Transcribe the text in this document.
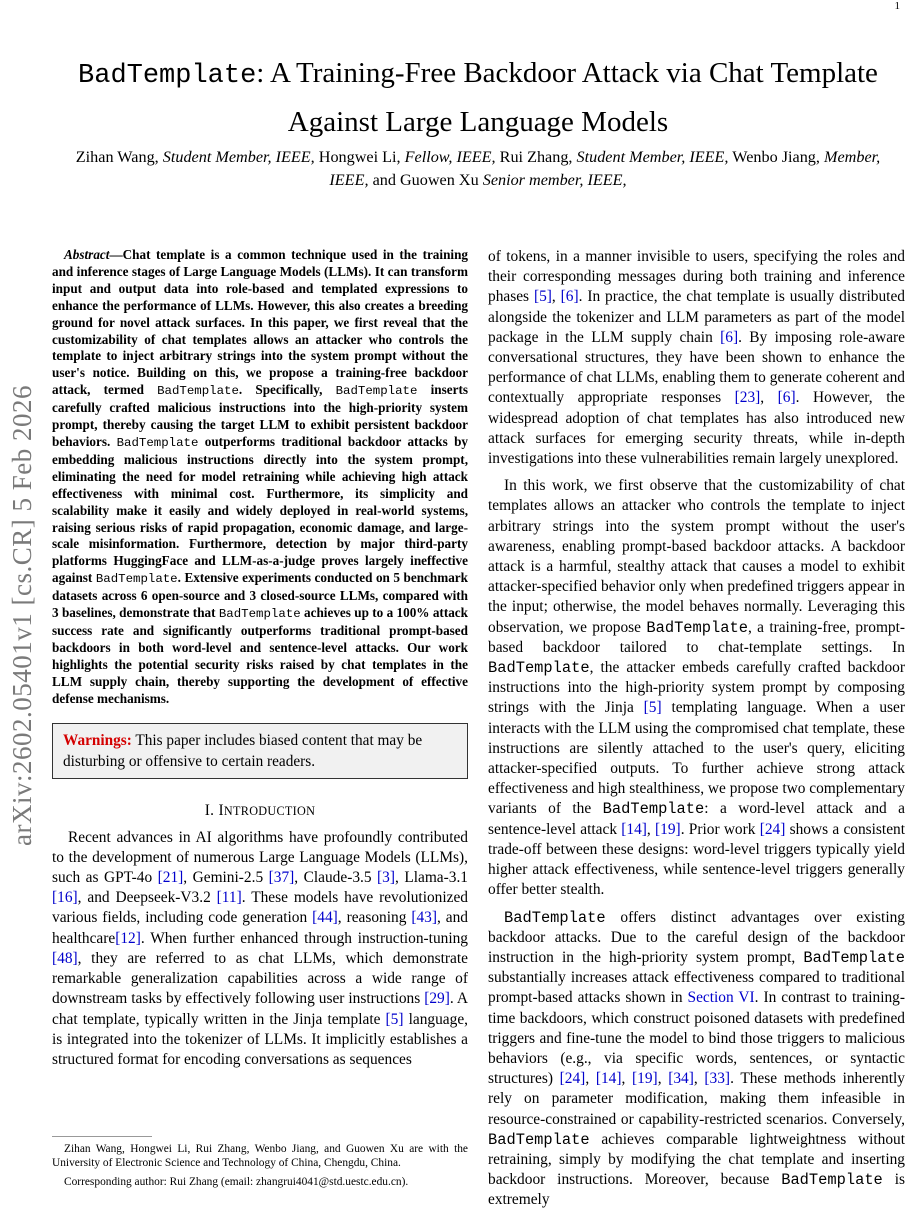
1
arXiv:2602.05401v1 [cs.CR] 5 Feb 2026
BadTemplate: A Training-Free Backdoor Attack via Chat Template Against Large Language Models
Zihan Wang, Student Member, IEEE, Hongwei Li, Fellow, IEEE, Rui Zhang, Student Member, IEEE, Wenbo Jiang, Member, IEEE, and Guowen Xu Senior member, IEEE,

Abstract—Chat template is a common technique used in the training and inference stages of Large Language Models (LLMs). It can transform input and output data into role-based and templated expressions to enhance the performance of LLMs. However, this also creates a breeding ground for novel attack surfaces. In this paper, we first reveal that the customizability of chat templates allows an attacker who controls the template to inject arbitrary strings into the system prompt without the user's notice. Building on this, we propose a training-free backdoor attack, termed BadTemplate. Specifically, BadTemplate inserts carefully crafted malicious instructions into the high-priority system prompt, thereby causing the target LLM to exhibit persistent backdoor behaviors. BadTemplate outperforms traditional backdoor attacks by embedding malicious instructions directly into the system prompt, eliminating the need for model retraining while achieving high attack effectiveness with minimal cost. Furthermore, its simplicity and scalability make it easily and widely deployed in real-world systems, raising serious risks of rapid propagation, economic damage, and large-scale misinformation. Furthermore, detection by major third-party platforms HuggingFace and LLM-as-a-judge proves largely ineffective against BadTemplate. Extensive experiments conducted on 5 benchmark datasets across 6 open-source and 3 closed-source LLMs, compared with 3 baselines, demonstrate that BadTemplate achieves up to a 100% attack success rate and significantly outperforms traditional prompt-based backdoors in both word-level and sentence-level attacks. Our work highlights the potential security risks raised by chat templates in the LLM supply chain, thereby supporting the development of effective defense mechanisms.

Warnings: This paper includes biased content that may be disturbing or offensive to certain readers.
I. INTRODUCTION

Recent advances in AI algorithms have profoundly contributed to the development of numerous Large Language Models (LLMs), such as GPT-4o [21], Gemini-2.5 [37], Claude-3.5 [3], Llama-3.1 [16], and Deepseek-V3.2 [11]. These models have revolutionized various fields, including code generation [44], reasoning [43], and healthcare[12]. When further enhanced through instruction-tuning [48], they are referred to as chat LLMs, which demonstrate remarkable generalization capabilities across a wide range of downstream tasks by effectively following user instructions [29]. A chat template, typically written in the Jinja template [5] language, is integrated into the tokenizer of LLMs. It implicitly establishes a structured format for encoding conversations as sequences

Zihan Wang, Hongwei Li, Rui Zhang, Wenbo Jiang, and Guowen Xu are with the University of Electronic Science and Technology of China, Chengdu, China.

Corresponding author: Rui Zhang (email: zhangrui4041@std.uestc.edu.cn).

of tokens, in a manner invisible to users, specifying the roles and their corresponding messages during both training and inference phases [5], [6]. In practice, the chat template is usually distributed alongside the tokenizer and LLM parameters as part of the model package in the LLM supply chain [6]. By imposing role-aware conversational structures, they have been shown to enhance the performance of chat LLMs, enabling them to generate coherent and contextually appropriate responses [23], [6]. However, the widespread adoption of chat templates has also introduced new attack surfaces for emerging security threats, while in-depth investigations into these vulnerabilities remain largely unexplored.

In this work, we first observe that the customizability of chat templates allows an attacker who controls the template to inject arbitrary strings into the system prompt without the user's awareness, enabling prompt-based backdoor attacks. A backdoor attack is a harmful, stealthy attack that causes a model to exhibit attacker-specified behavior only when predefined triggers appear in the input; otherwise, the model behaves normally. Leveraging this observation, we propose BadTemplate, a training-free, prompt-based backdoor tailored to chat-template settings. In BadTemplate, the attacker embeds carefully crafted backdoor instructions into the high-priority system prompt by composing strings with the Jinja [5] templating language. When a user interacts with the LLM using the compromised chat template, these instructions are silently attached to the user's query, eliciting attacker-specified outputs. To further achieve strong attack effectiveness and high stealthiness, we propose two complementary variants of the BadTemplate: a word-level attack and a sentence-level attack [14], [19]. Prior work [24] shows a consistent trade-off between these designs: word-level triggers typically yield higher attack effectiveness, while sentence-level triggers generally offer better stealth.

BadTemplate offers distinct advantages over existing backdoor attacks. Due to the careful design of the backdoor instruction in the high-priority system prompt, BadTemplate substantially increases attack effectiveness compared to traditional prompt-based attacks shown in Section VI. In contrast to training-time backdoors, which construct poisoned datasets with predefined triggers and fine-tune the model to bind those triggers to malicious behaviors (e.g., via specific words, sentences, or syntactic structures) [24], [14], [19], [34], [33]. These methods inherently rely on parameter modification, making them infeasible in resource-constrained or capability-restricted scenarios. Conversely, BadTemplate achieves comparable lightweightness without retraining, simply by modifying the chat template and inserting backdoor instructions. Moreover, because BadTemplate is extremely
